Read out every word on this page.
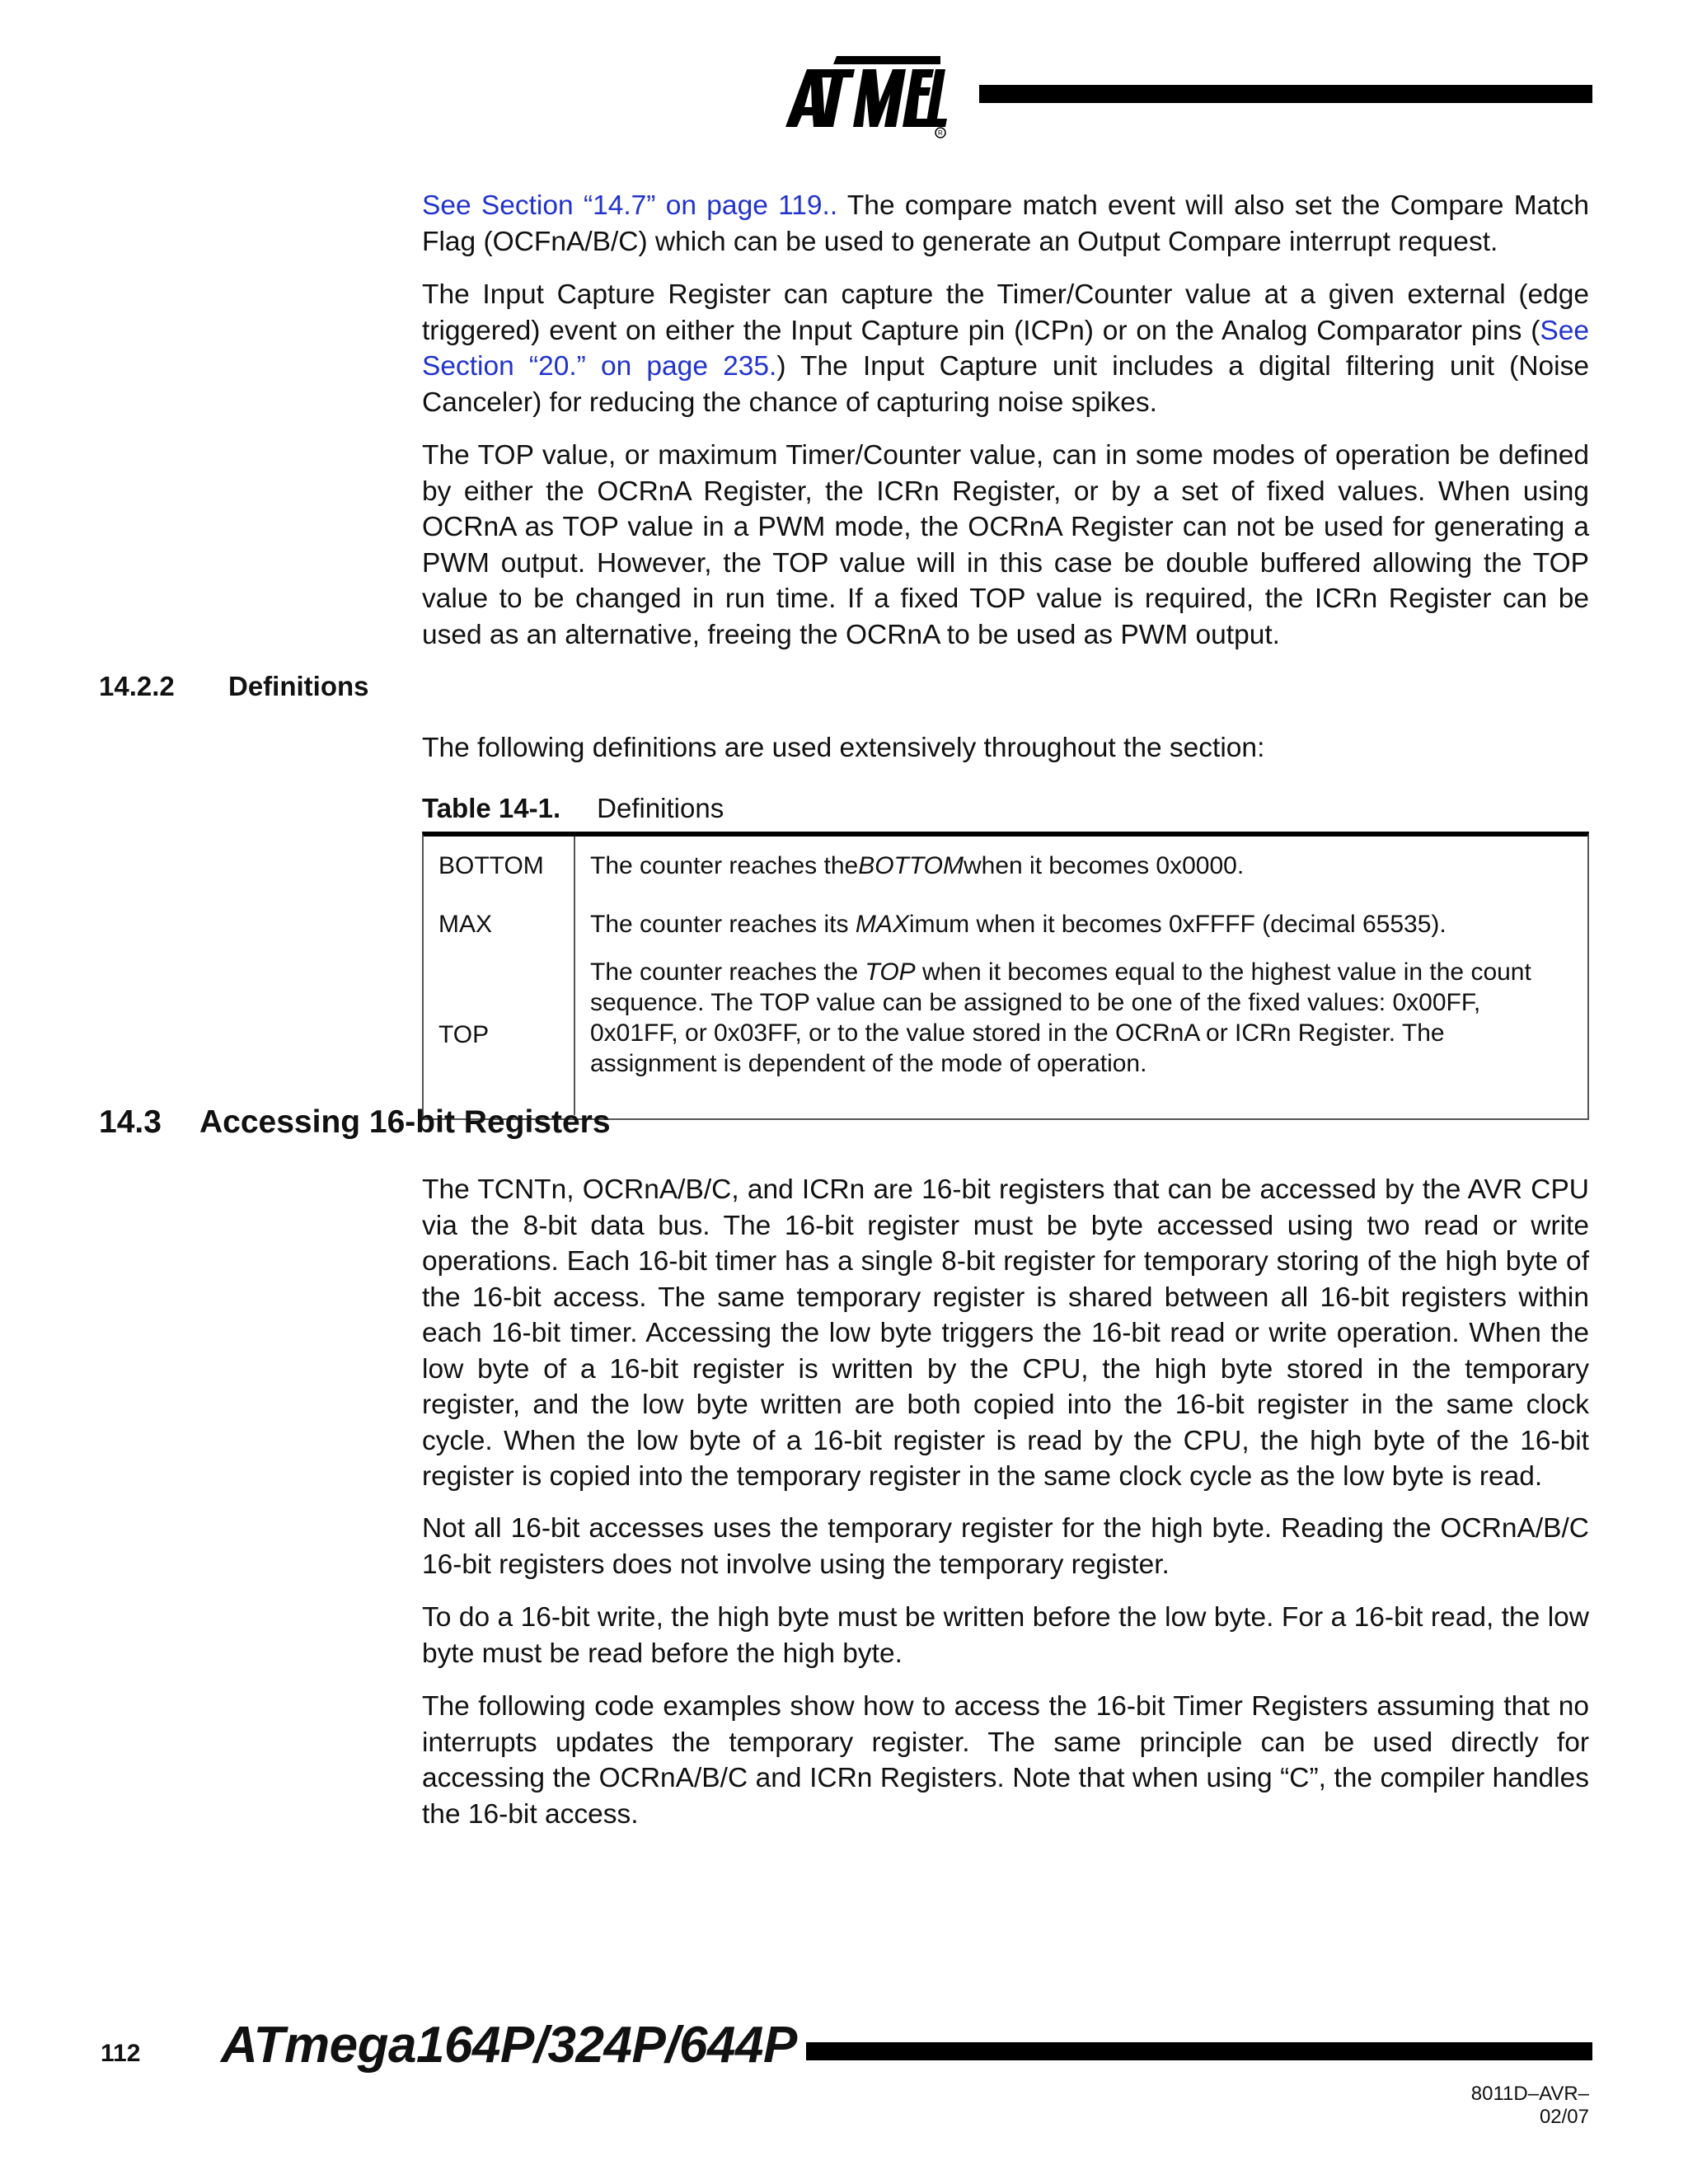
R

See Section “14.7” on page 119.. The compare match event will also set the Compare Match Flag (OCFnA/B/C) which can be used to generate an Output Compare interrupt request.

The Input Capture Register can capture the Timer/Counter value at a given external (edge triggered) event on either the Input Capture pin (ICPn) or on the Analog Comparator pins (See Section “20.” on page 235.) The Input Capture unit includes a digital filtering unit (Noise Canceler) for reducing the chance of capturing noise spikes.

The TOP value, or maximum Timer/Counter value, can in some modes of operation be defined by either the OCRnA Register, the ICRn Register, or by a set of fixed values. When using OCRnA as TOP value in a PWM mode, the OCRnA Register can not be used for generating a PWM output. However, the TOP value will in this case be double buffered allowing the TOP value to be changed in run time. If a fixed TOP value is required, the ICRn Register can be used as an alternative, freeing the OCRnA to be used as PWM output.

14.2.2 Definitions

The following definitions are used extensively throughout the section:

Table 14-1. Definitions
BOTTOM	The counter reaches the BOTTOM when it becomes 0x0000.
MAX	The counter reaches its MAXimum when it becomes 0xFFFF (decimal 65535).
TOP
The counter reaches the TOP when it becomes equal to the highest value in the count sequence. The TOP value can be assigned to be one of the fixed values: 0x00FF, 0x01FF, or 0x03FF, or to the value stored in the OCRnA or ICRn Register. The assignment is dependent of the mode of operation.
14.3 Accessing 16-bit Registers

The TCNTn, OCRnA/B/C, and ICRn are 16-bit registers that can be accessed by the AVR CPU via the 8-bit data bus. The 16-bit register must be byte accessed using two read or write operations. Each 16-bit timer has a single 8-bit register for temporary storing of the high byte of the 16-bit access. The same temporary register is shared between all 16-bit registers within each 16-bit timer. Accessing the low byte triggers the 16-bit read or write operation. When the low byte of a 16-bit register is written by the CPU, the high byte stored in the temporary register, and the low byte written are both copied into the 16-bit register in the same clock cycle. When the low byte of a 16-bit register is read by the CPU, the high byte of the 16-bit register is copied into the temporary register in the same clock cycle as the low byte is read.

Not all 16-bit accesses uses the temporary register for the high byte. Reading the OCRnA/B/C 16-bit registers does not involve using the temporary register.

To do a 16-bit write, the high byte must be written before the low byte. For a 16-bit read, the low byte must be read before the high byte.

The following code examples show how to access the 16-bit Timer Registers assuming that no interrupts updates the temporary register. The same principle can be used directly for accessing the OCRnA/B/C and ICRn Registers. Note that when using “C”, the compiler handles the 16-bit access.

112 ATmega164P/324P/644P
8011D–AVR–02/07
